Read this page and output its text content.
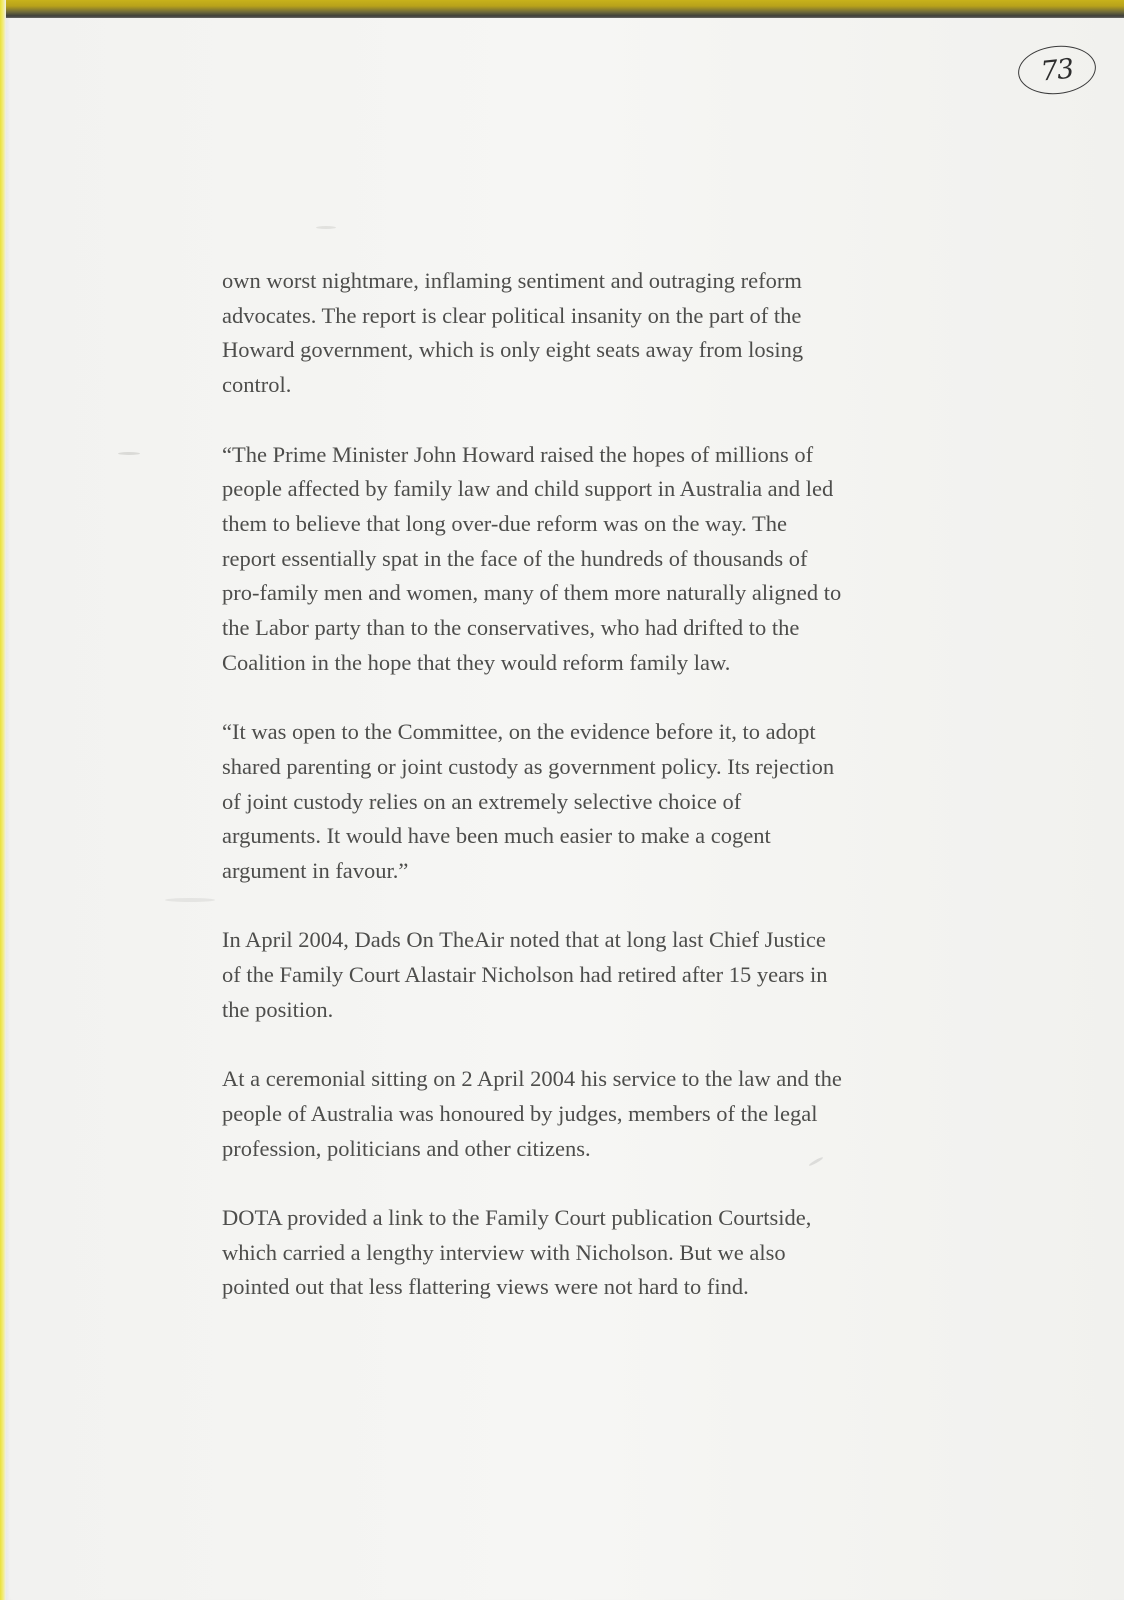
73

own worst nightmare, inflaming sentiment and outraging reform
advocates. The report is clear political insanity on the part of the
Howard government, which is only eight seats away from losing
control.

“The Prime Minister John Howard raised the hopes of millions of
people affected by family law and child support in Australia and led
them to believe that long over-due reform was on the way. The
report essentially spat in the face of the hundreds of thousands of
pro-family men and women, many of them more naturally aligned to
the Labor party than to the conservatives, who had drifted to the
Coalition in the hope that they would reform family law.

“It was open to the Committee, on the evidence before it, to adopt
shared parenting or joint custody as government policy. Its rejection
of joint custody relies on an extremely selective choice of
arguments. It would have been much easier to make a cogent
argument in favour.”

In April 2004, Dads On TheAir noted that at long last Chief Justice
of the Family Court Alastair Nicholson had retired after 15 years in
the position.

At a ceremonial sitting on 2 April 2004 his service to the law and the
people of Australia was honoured by judges, members of the legal
profession, politicians and other citizens.

DOTA provided a link to the Family Court publication Courtside,
which carried a lengthy interview with Nicholson. But we also
pointed out that less flattering views were not hard to find.
